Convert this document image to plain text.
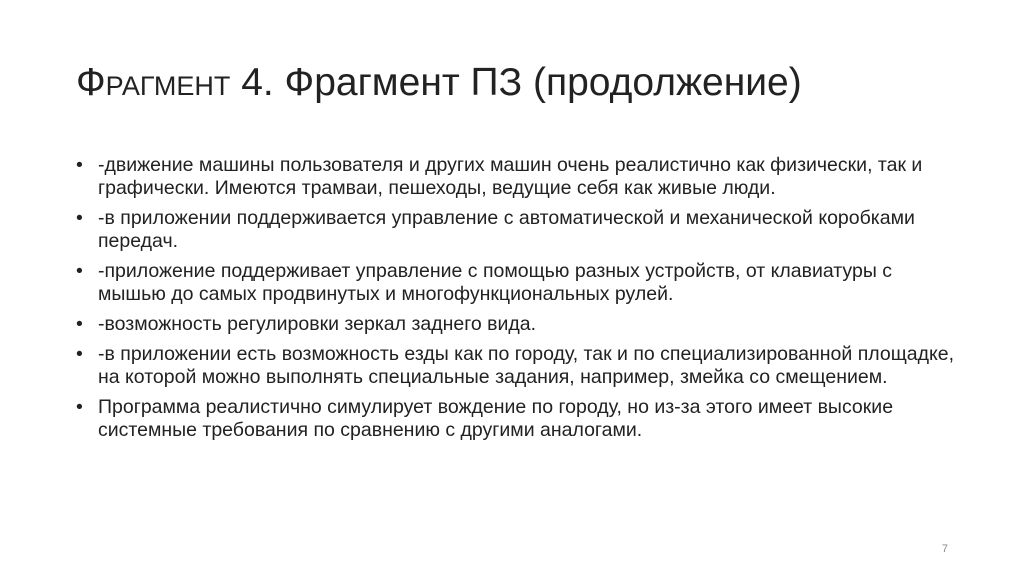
Фрагмент 4. Фрагмент ПЗ (продолжение)
• -движение машины пользователя и других машин очень реалистично как физически, так и графически. Имеются трамваи, пешеходы, ведущие себя как живые люди.
• -в приложении поддерживается управление с автоматической и механической коробками передач.
• -приложение поддерживает управление с помощью разных устройств, от клавиатуры с мышью до самых продвинутых и многофункциональных рулей.
• -возможность регулировки зеркал заднего вида.
• -в приложении есть возможность езды как по городу, так и по специализированной площадке, на которой можно выполнять специальные задания, например, змейка со смещением.
• Программа реалистично симулирует вождение по городу, но из-за этого имеет высокие системные требования по сравнению с другими аналогами.
7
